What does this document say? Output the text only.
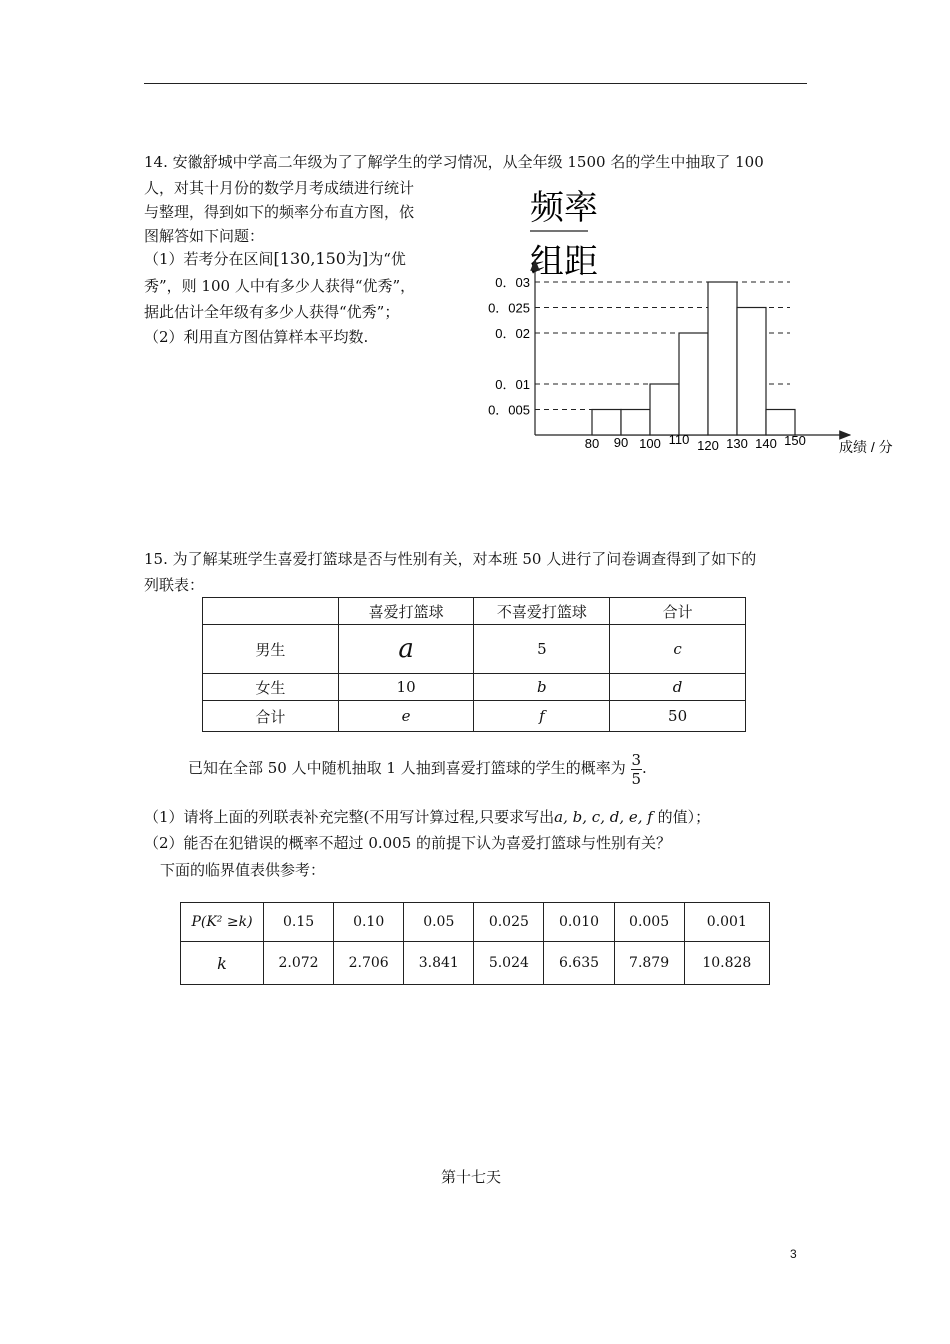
14. 安徽舒城中学高二年级为了了解学生的学习情况，从全年级 1500 名的学生中抽取了 100
人，对其十月份的数学月考成绩进行统计
与整理，得到如下的频率分布直方图，依
图解答如下问题：
（1）若考分在区间[130,150为]为“优
秀”，则 100 人中有多少人获得“优秀”，
据此估计全年级有多少人获得“优秀”；
（2）利用直方图估算样本平均数.
频率
组距
0．03
0．025
0．02
0．01
0．005
80 90 100 110 120 130 140 150 成绩 / 分
15. 为了解某班学生喜爱打篮球是否与性别有关，对本班 50 人进行了问卷调查得到了如下的
列联表：
	喜爱打篮球	不喜爱打篮球	合计
男生	a	5	c
女生	10	b	d
合计	e	f	50
已知在全部 50 人中随机抽取 1 人抽到喜爱打篮球的学生的概率为 $\frac{3}{5}$ .
（1）请将上面的列联表补充完整(不用写计算过程,只要求写出a, b, c, d, e, f 的值）；
（2）能否在犯错误的概率不超过 0.005 的前提下认为喜爱打篮球与性别有关？
下面的临界值表供参考：
P(K² ≥k)	0.15	0.10	0.05	0.025	0.010	0.005	0.001
k	2.072	2.706	3.841	5.024	6.635	7.879	10.828
第十七天
3
